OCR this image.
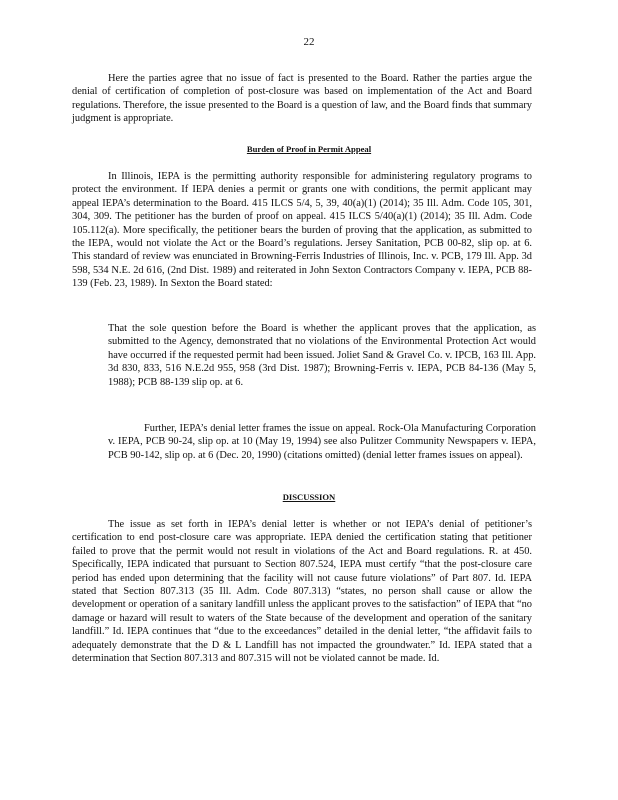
22

Here the parties agree that no issue of fact is presented to the Board. Rather the parties argue the denial of certification of completion of post-closure was based on implementation of the Act and Board regulations. Therefore, the issue presented to the Board is a question of law, and the Board finds that summary judgment is appropriate.

Burden of Proof in Permit Appeal

In Illinois, IEPA is the permitting authority responsible for administering regulatory programs to protect the environment. If IEPA denies a permit or grants one with conditions, the permit applicant may appeal IEPA’s determination to the Board. 415 ILCS 5/4, 5, 39, 40(a)(1) (2014); 35 Ill. Adm. Code 105, 301, 304, 309. The petitioner has the burden of proof on appeal. 415 ILCS 5/40(a)(1) (2014); 35 Ill. Adm. Code 105.112(a). More specifically, the petitioner bears the burden of proving that the application, as submitted to the IEPA, would not violate the Act or the Board’s regulations. Jersey Sanitation, PCB 00-82, slip op. at 6. This standard of review was enunciated in Browning-Ferris Industries of Illinois, Inc. v. PCB, 179 Ill. App. 3d 598, 534 N.E. 2d 616, (2nd Dist. 1989) and reiterated in John Sexton Contractors Company v. IEPA, PCB 88-139 (Feb. 23, 1989). In Sexton the Board stated:

That the sole question before the Board is whether the applicant proves that the application, as submitted to the Agency, demonstrated that no violations of the Environmental Protection Act would have occurred if the requested permit had been issued. Joliet Sand & Gravel Co. v. IPCB, 163 Ill. App. 3d 830, 833, 516 N.E.2d 955, 958 (3rd Dist. 1987); Browning-Ferris v. IEPA, PCB 84-136 (May 5, 1988); PCB 88-139 slip op. at 6.

Further, IEPA’s denial letter frames the issue on appeal. Rock-Ola Manufacturing Corporation v. IEPA, PCB 90-24, slip op. at 10 (May 19, 1994) see also Pulitzer Community Newspapers v. IEPA, PCB 90-142, slip op. at 6 (Dec. 20, 1990) (citations omitted) (denial letter frames issues on appeal).

DISCUSSION

The issue as set forth in IEPA’s denial letter is whether or not IEPA’s denial of petitioner’s certification to end post-closure care was appropriate. IEPA denied the certification stating that petitioner failed to prove that the permit would not result in violations of the Act and Board regulations. R. at 450. Specifically, IEPA indicated that pursuant to Section 807.524, IEPA must certify “that the post-closure care period has ended upon determining that the facility will not cause future violations” of Part 807. Id. IEPA stated that Section 807.313 (35 Ill. Adm. Code 807.313) “states, no person shall cause or allow the development or operation of a sanitary landfill unless the applicant proves to the satisfaction” of IEPA that “no damage or hazard will result to waters of the State because of the development and operation of the sanitary landfill.” Id. IEPA continues that “due to the exceedances” detailed in the denial letter, “the affidavit fails to adequately demonstrate that the D & L Landfill has not impacted the groundwater.” Id. IEPA stated that a determination that Section 807.313 and 807.315 will not be violated cannot be made. Id.
